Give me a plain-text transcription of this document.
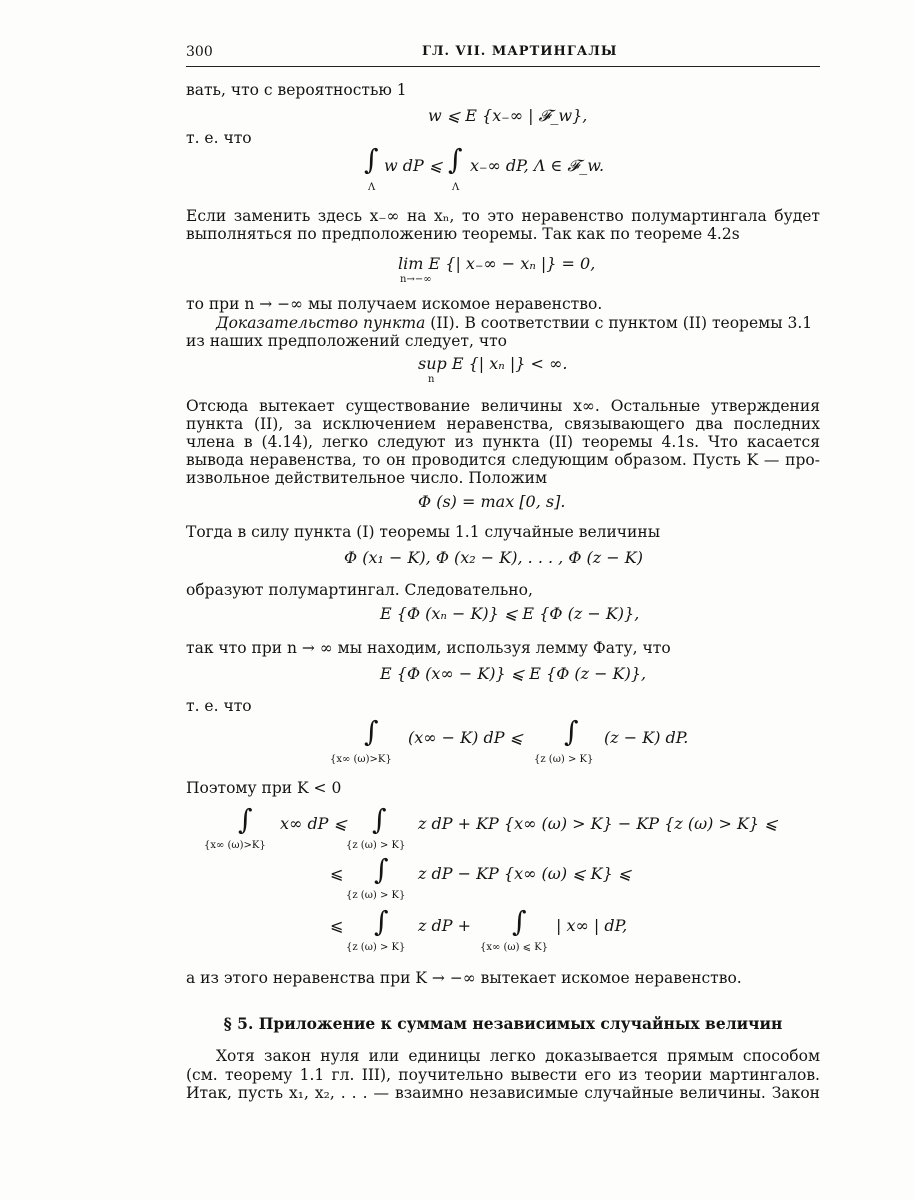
300	ГЛ. VII. МАРТИНГАЛЫ
вать, что с вероятностью 1
w ⩽ E {x₋∞ | 𝓕_w},
т. е. что
∫ w dP ⩽ ∫ x₋∞ dP, Λ ∈ 𝓕_w.
Λ	Λ
Если заменить здесь x₋∞ на xₙ, то это неравенство полумартингала будет
выполняться по предположению теоремы. Так как по теореме 4.2s
lim E {| x₋∞ − xₙ |} = 0,
n→−∞
то при n → −∞ мы получаем искомое неравенство.
Доказательство пункта (II). В соответствии с пунктом (II) теоремы 3.1
из наших предположений следует, что
sup E {| xₙ |} < ∞.
n
Отсюда вытекает существование величины x∞. Остальные утверждения
пункта (II), за исключением неравенства, связывающего два последних
члена в (4.14), легко следуют из пункта (II) теоремы 4.1s. Что касается
вывода неравенства, то он проводится следующим образом. Пусть K — про-
извольное действительное число. Положим
Φ (s) = max [0, s].
Тогда в силу пункта (I) теоремы 1.1 случайные величины
Φ (x₁ − K), Φ (x₂ − K), . . . , Φ (z − K)
образуют полумартингал. Следовательно,
E {Φ (xₙ − K)} ⩽ E {Φ (z − K)},
так что при n → ∞ мы находим, используя лемму Фату, что
E {Φ (x∞ − K)} ⩽ E {Φ (z − K)},
т. е. что
∫ (x∞ − K) dP ⩽ ∫ (z − K) dP.
{x∞ (ω)>K}	{z (ω) > K}
Поэтому при K < 0
∫ x∞ dP ⩽ ∫ z dP + KP {x∞ (ω) > K} − KP {z (ω) > K} ⩽
{x∞ (ω)>K}	{z (ω) > K}
⩽ ∫ z dP − KP {x∞ (ω) ⩽ K} ⩽
{z (ω) > K}
⩽ ∫ z dP + ∫ | x∞ | dP,
{z (ω) > K}	{x∞ (ω) ⩽ K}
а из этого неравенства при K → −∞ вытекает искомое неравенство.
§ 5. Приложение к суммам независимых случайных величин
Хотя закон нуля или единицы легко доказывается прямым способом
(см. теорему 1.1 гл. III), поучительно вывести его из теории мартингалов.
Итак, пусть x₁, x₂, . . . — взаимно независимые случайные величины. Закон
